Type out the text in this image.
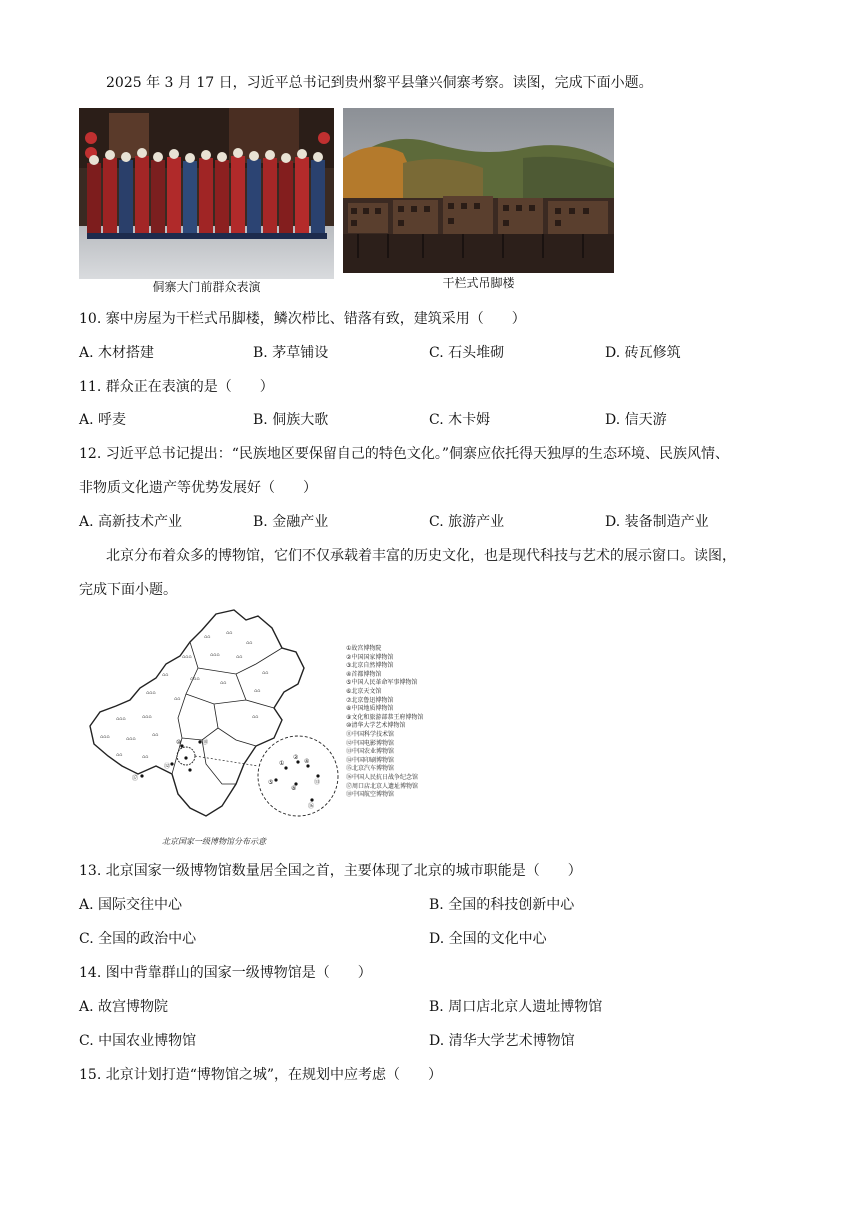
2025 年 3 月 17 日，习近平总书记到贵州黎平县肇兴侗寨考察。读图，完成下面小题。
侗寨大门前群众表演	干栏式吊脚楼
10. 寨中房屋为干栏式吊脚楼，鳞次栉比、错落有致，建筑采用（　　）
A. 木材搭建	B. 茅草铺设	C. 石头堆砌	D. 砖瓦修筑
11. 群众正在表演的是（　　）
A. 呼麦	B. 侗族大歌	C. 木卡姆	D. 信天游
12. 习近平总书记提出：“民族地区要保留自己的特色文化。”侗寨应依托得天独厚的生态环境、民族风情、
非物质文化遗产等优势发展好（　　）
A. 高新技术产业	B. 金融产业	C. 旅游产业	D. 装备制造产业
北京分布着众多的博物馆，它们不仅承载着丰富的历史文化，也是现代科技与艺术的展示窗口。读图，
完成下面小题。
⌂⌂
⌂⌂
⌂⌂
⌂⌂⌂	⌂⌂⌂	⌂⌂
⌂⌂
⌂⌂⌂
⌂⌂
⌂⌂
⌂⌂⌂
⌂⌂
⌂⌂
⌂⌂⌂	⌂⌂⌂	⌂⌂
⌂⌂⌂	⌂⌂⌂
⌂⌂
⌂⌂	⌂⌂
⑩	⑱
⑫
⑰
①
②
④
⑤
⑧
⑬
⑯
①故宫博物院
②中国国家博物馆
③北京自然博物馆
④首都博物馆
⑤中国人民革命军事博物馆
⑥北京天文馆
⑦北京鲁迅博物馆
⑧中国地质博物馆
⑨文化和旅游部恭王府博物馆
⑩清华大学艺术博物馆
⑪中国科学技术馆
⑫中国电影博物馆
⑬中国农业博物馆
⑭中国印刷博物馆
⑮北京汽车博物馆
⑯中国人民抗日战争纪念馆
⑰周口店北京人遗址博物馆
⑱中国航空博物馆
北京国家一级博物馆分布示意
13. 北京国家一级博物馆数量居全国之首，主要体现了北京的城市职能是（　　）
A. 国际交往中心	B. 全国的科技创新中心
C. 全国的政治中心	D. 全国的文化中心
14. 图中背靠群山的国家一级博物馆是（　　）
A. 故宫博物院	B. 周口店北京人遗址博物馆
C. 中国农业博物馆	D. 清华大学艺术博物馆
15. 北京计划打造“博物馆之城”，在规划中应考虑（　　）
